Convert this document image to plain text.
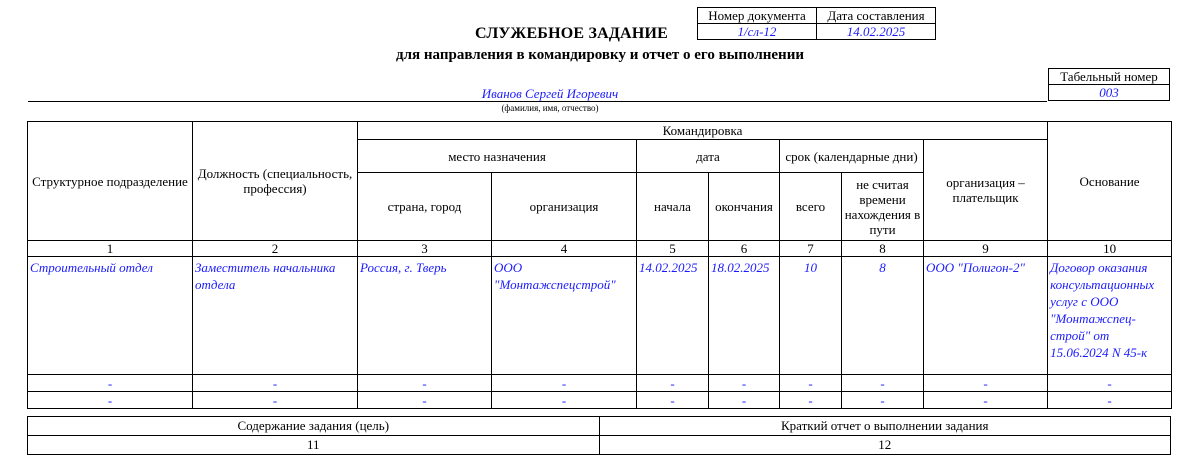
СЛУЖЕБНОЕ ЗАДАНИЕ
Номер документа	Дата составления
1/сл-12	14.02.2025
для направления в командировку и отчет о его выполнении
Табельный номер
003
Иванов Сергей Игоревич
(фамилия, имя, отчество)
Структурное подразделение	Должность (специальность, профессия)	Командировка							Основание
		место назначения		дата		срок (календарные дни)		организация – плательщик	
		страна, город	организация	начала	окончания	всего	не считая времени нахождения в пути		

1	2	3	4	5	6	7	8	9	10
Строительный отдел	Заместитель начальника отдела	Россия, г. Тверь	ООО "Монтажспецстрой"	14.02.2025	18.02.2025	10	8	ООО "Полигон-2"	Договор оказания консультационных услуг с ООО "Монтажспец-строй" от 15.06.2024 N 45-к
-	-	-	-	-	-	-	-	-	-
-	-	-	-	-	-	-	-	-	-
Содержание задания (цель)	Краткий отчет о выполнении задания
11	12
